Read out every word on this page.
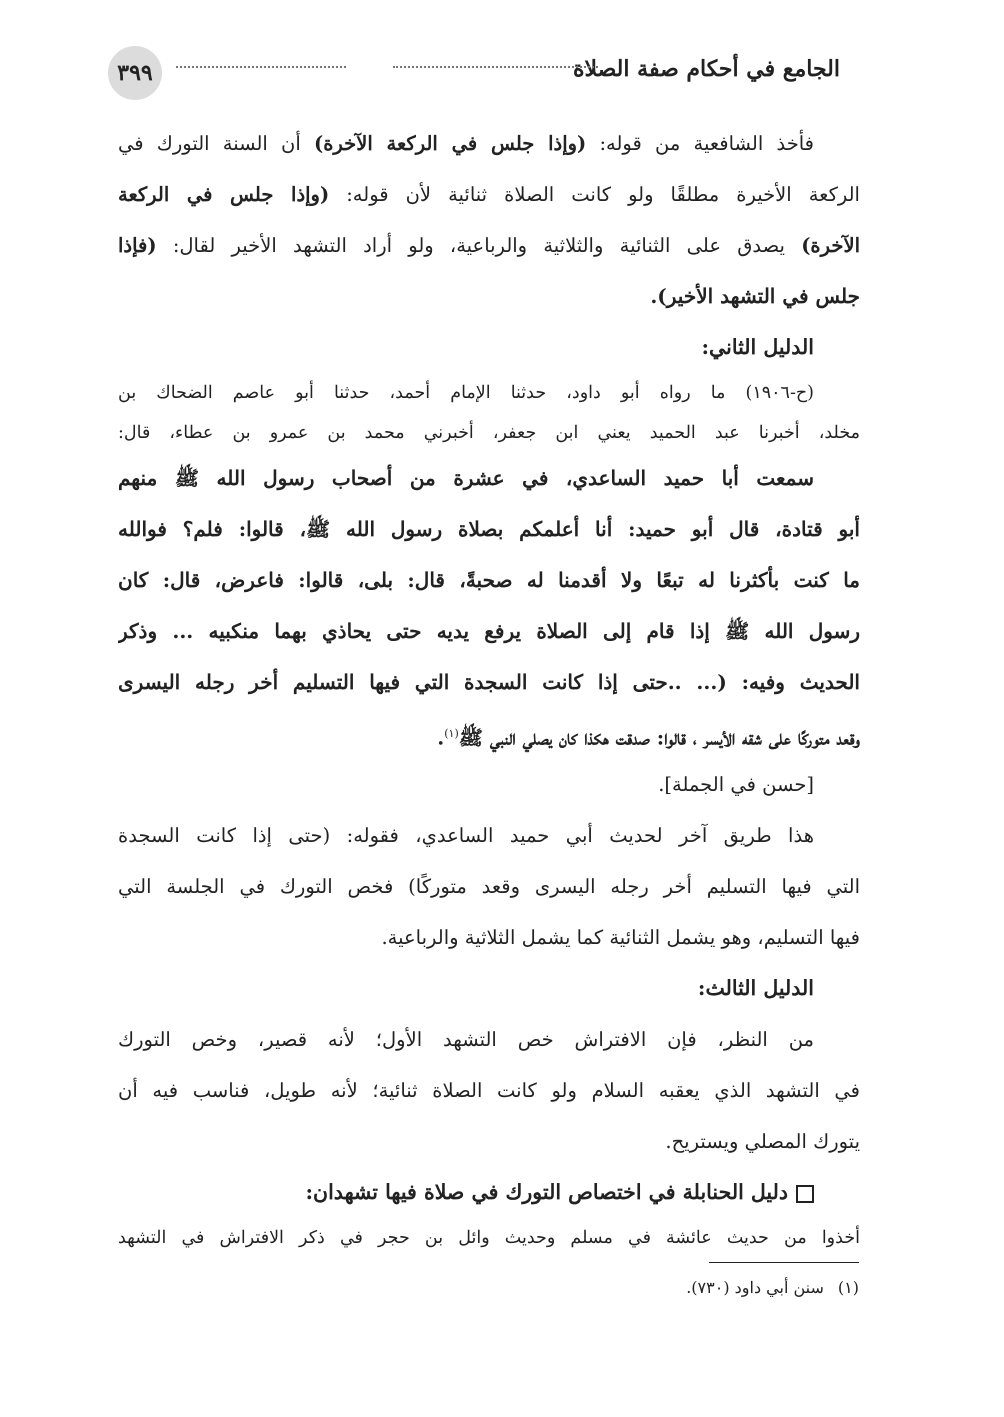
الجامع في أحكام صفة الصلاة
٣٩٩
فأخذ الشافعية من قوله: (وإذا جلس في الركعة الآخرة) أن السنة التورك في
الركعة الأخيرة مطلقًا ولو كانت الصلاة ثنائية لأن قوله: (وإذا جلس في الركعة
الآخرة) يصدق على الثنائية والثلاثية والرباعية، ولو أراد التشهد الأخير لقال: (فإذا
جلس في التشهد الأخير).
الدليل الثاني:
(ح-١٩٠٦) ما رواه أبو داود، حدثنا الإمام أحمد، حدثنا أبو عاصم الضحاك بن
مخلد، أخبرنا عبد الحميد يعني ابن جعفر، أخبرني محمد بن عمرو بن عطاء، قال:
سمعت أبا حميد الساعدي، في عشرة من أصحاب رسول الله ﷺ منهم
أبو قتادة، قال أبو حميد: أنا أعلمكم بصلاة رسول الله ﷺ، قالوا: فلم؟ فوالله
ما كنت بأكثرنا له تبعًا ولا أقدمنا له صحبةً، قال: بلى، قالوا: فاعرض، قال: كان
رسول الله ﷺ إذا قام إلى الصلاة يرفع يديه حتى يحاذي بهما منكبيه ... وذكر
الحديث وفيه: (... ..حتى إذا كانت السجدة التي فيها التسليم أخر رجله اليسرى
وقعد متوركًا على شقه الأيسر ، قالوا: صدقت هكذا كان يصلي النبي ﷺ$^{(١)}$.
[حسن في الجملة].
هذا طريق آخر لحديث أبي حميد الساعدي، فقوله: (حتى إذا كانت السجدة
التي فيها التسليم أخر رجله اليسرى وقعد متوركًا) فخص التورك في الجلسة التي
فيها التسليم، وهو يشمل الثنائية كما يشمل الثلاثية والرباعية.
الدليل الثالث:
من النظر، فإن الافتراش خص التشهد الأول؛ لأنه قصير، وخص التورك
في التشهد الذي يعقبه السلام ولو كانت الصلاة ثنائية؛ لأنه طويل، فناسب فيه أن
يتورك المصلي ويستريح.
دليل الحنابلة في اختصاص التورك في صلاة فيها تشهدان:
أخذوا من حديث عائشة في مسلم وحديث وائل بن حجر في ذكر الافتراش في التشهد
(١)سنن أبي داود (٧٣٠).
